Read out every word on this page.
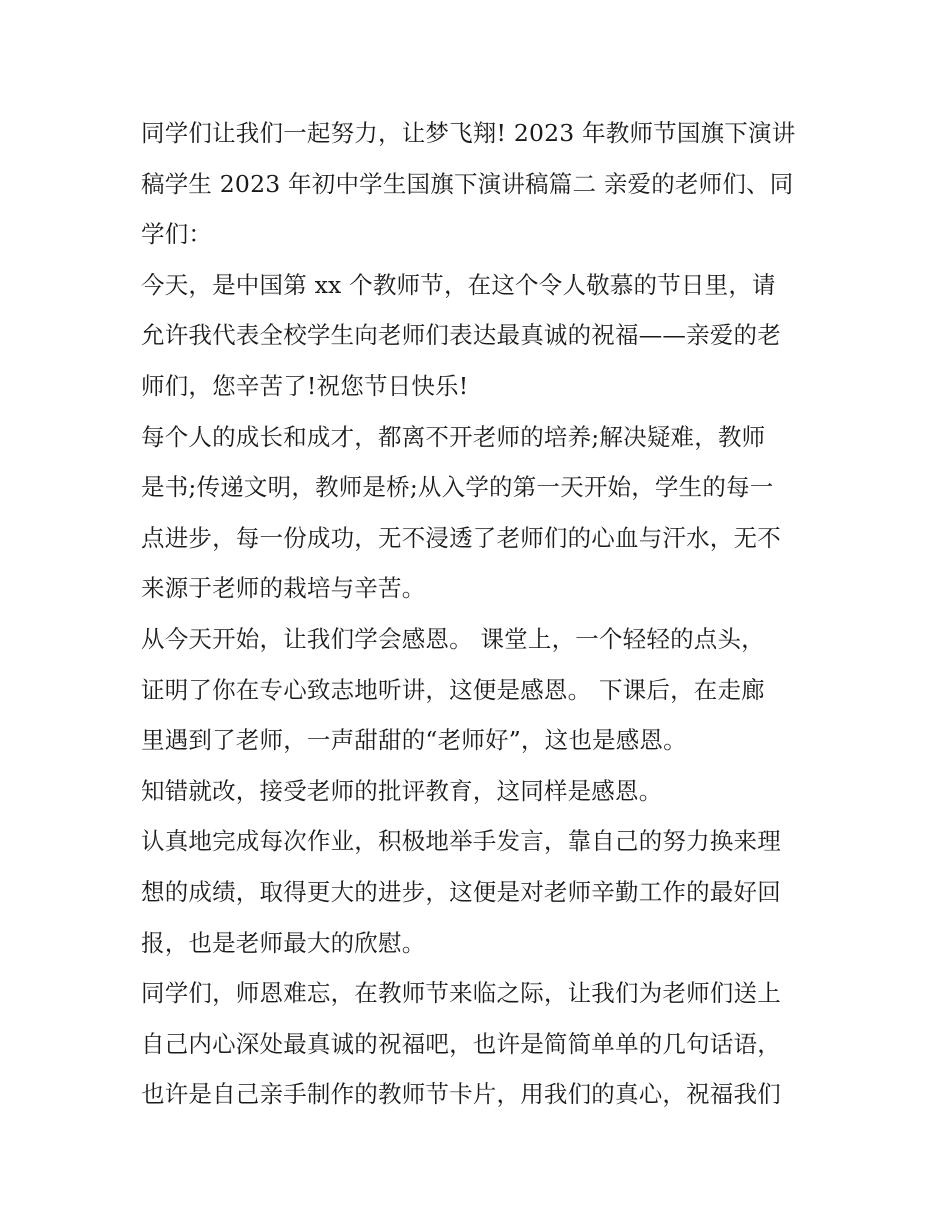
同学们让我们一起努力，让梦飞翔! 2023 年教师节国旗下演讲
稿学生 2023 年初中学生国旗下演讲稿篇二 亲爱的老师们、同
学们：
今天，是中国第 xx 个教师节，在这个令人敬慕的节日里，请
允许我代表全校学生向老师们表达最真诚的祝福——亲爱的老
师们，您辛苦了!祝您节日快乐!
每个人的成长和成才，都离不开老师的培养;解决疑难，教师
是书;传递文明，教师是桥;从入学的第一天开始，学生的每一
点进步，每一份成功，无不浸透了老师们的心血与汗水，无不
来源于老师的栽培与辛苦。
从今天开始，让我们学会感恩。 课堂上，一个轻轻的点头，
证明了你在专心致志地听讲，这便是感恩。 下课后，在走廊
里遇到了老师，一声甜甜的“老师好”，这也是感恩。
知错就改，接受老师的批评教育，这同样是感恩。
认真地完成每次作业，积极地举手发言，靠自己的努力换来理
想的成绩，取得更大的进步，这便是对老师辛勤工作的最好回
报，也是老师最大的欣慰。
同学们，师恩难忘，在教师节来临之际，让我们为老师们送上
自己内心深处最真诚的祝福吧，也许是简简单单的几句话语，
也许是自己亲手制作的教师节卡片，用我们的真心，祝福我们
